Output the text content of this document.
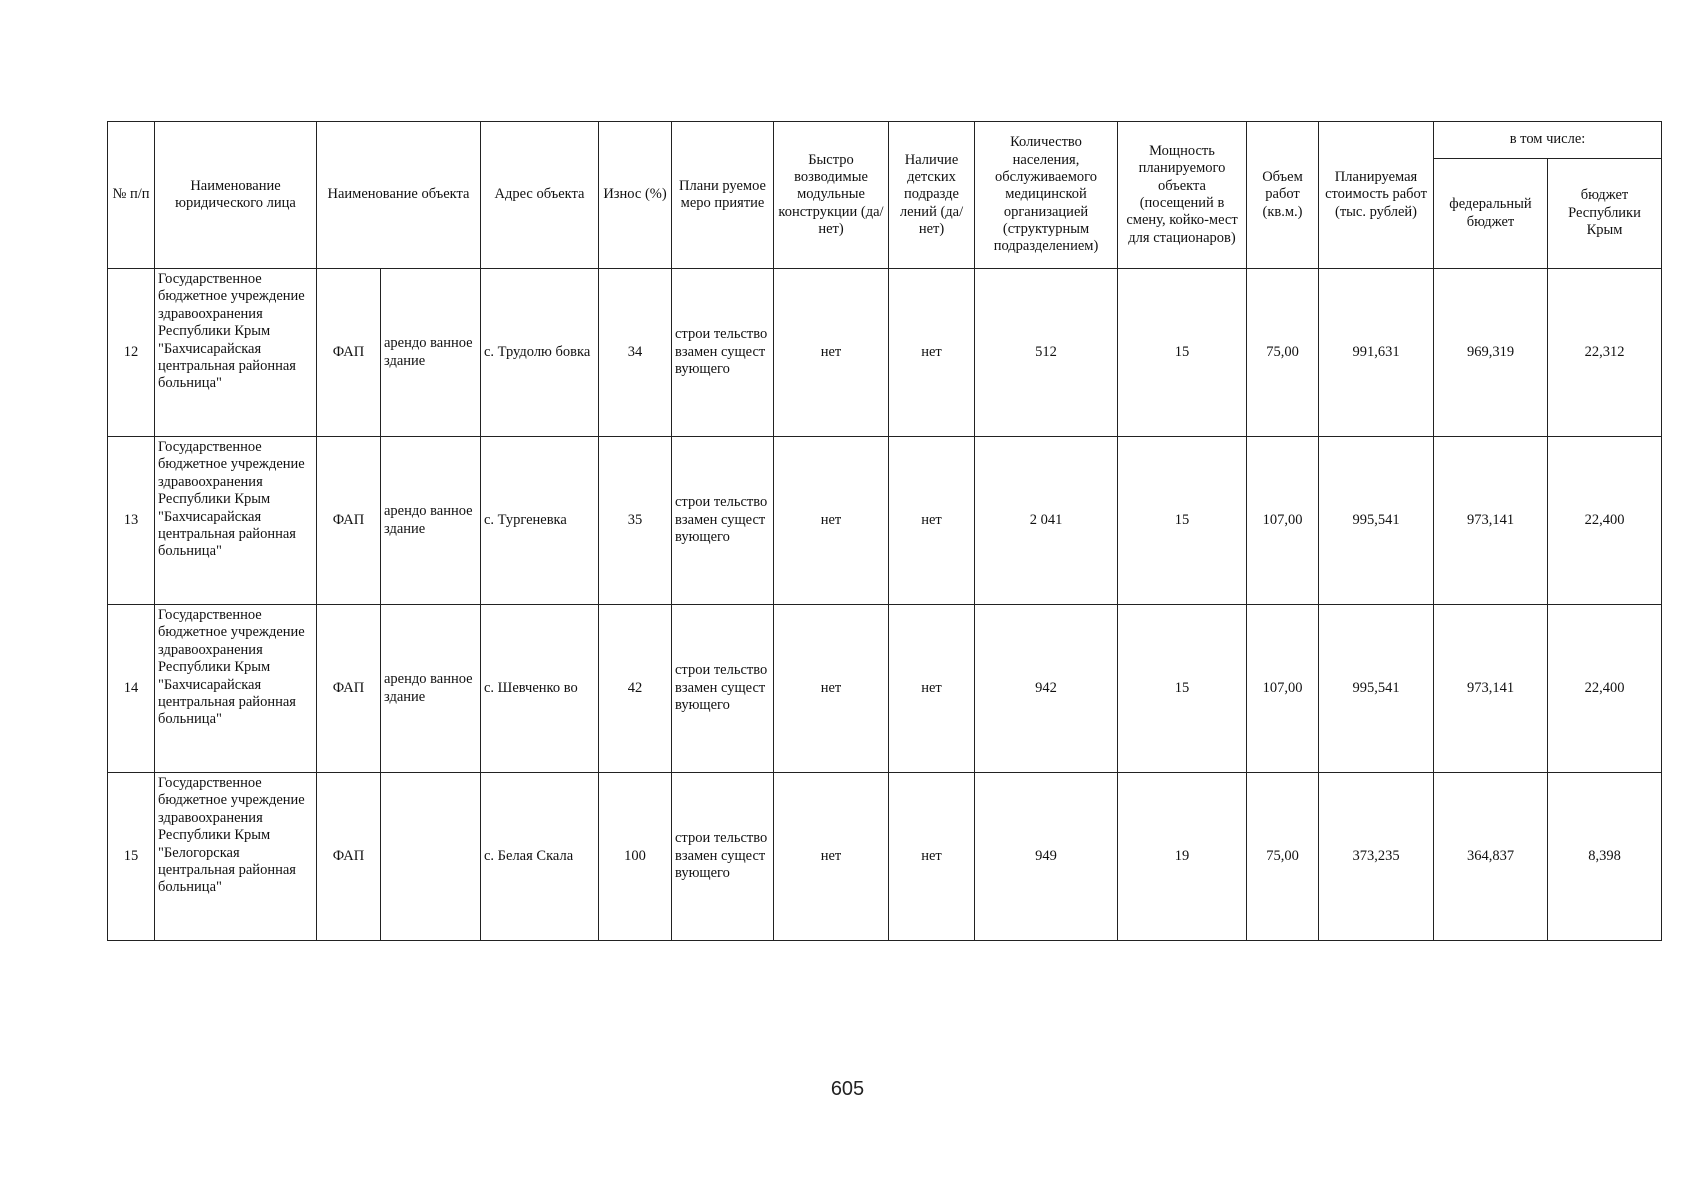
№ п/п	Наименование юридического лица	Наименование объекта		Адрес объекта	Износ (%)	Плани руемое меро приятие	Быстро возводимые модульные конструкции (да/нет)	Наличие детских подразде лений (да/нет)	Количество населения, обслуживаемого медицинской организацией (структурным подразделением)	Мощность планируемого объекта (посещений в смену, койко-мест для стационаров)	Объем работ (кв.м.)	Планируемая стоимость работ (тыс. рублей)	в том числе:	
													федеральный бюджет	бюджет Республики Крым
12	Государственное бюджетное учреждение здравоохранения Республики Крым "Бахчисарайская центральная районная больница"	ФАП	арендо ванное здание	с. Трудолю бовка	34	строи тельство взамен сущест вующего	нет	нет	512	15	75,00	991,631	969,319	22,312
13	Государственное бюджетное учреждение здравоохранения Республики Крым "Бахчисарайская центральная районная больница"	ФАП	арендо ванное здание	с. Тургеневка	35	строи тельство взамен сущест вующего	нет	нет	2 041	15	107,00	995,541	973,141	22,400
14	Государственное бюджетное учреждение здравоохранения Республики Крым "Бахчисарайская центральная районная больница"	ФАП	арендо ванное здание	с. Шевченко во	42	строи тельство взамен сущест вующего	нет	нет	942	15	107,00	995,541	973,141	22,400
15	Государственное бюджетное учреждение здравоохранения Республики Крым "Белогорская центральная районная больница"	ФАП		с. Белая Скала	100	строи тельство взамен сущест вующего	нет	нет	949	19	75,00	373,235	364,837	8,398
605
